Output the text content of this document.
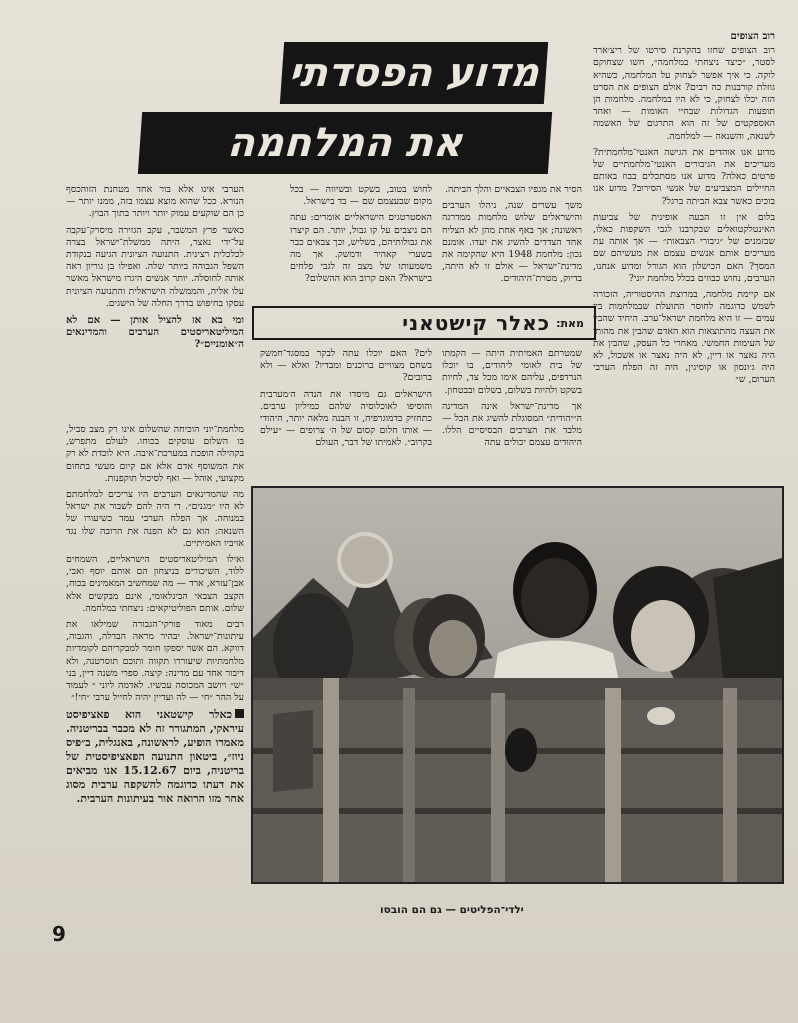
רוב הצופים

רוב הצופים שחזו בהקרנת סירטו של ריצ׳ארד לסטר, ״כיצד ניצחתי במלחמה״, חשו שצחוקם לוקה. כי איך אפשר לצחוק על המלחמה, כשהיא גוזלת קורבנות כה רבים? אולם הצופים את הסרט הזה יכלו לצחוק, כי לא היו במלחמה. מלחמות הן תופעות הגדולות שבחיי האומות — ואחד האספקטים של זה הוא התרגום של האשמה לשנאה, והשנאה — למלחמה.

מדוע אנו אוהדים את הגישה האנטי־מלחמתית? מעריכים את הגיבורים האנטי־מלחמתיים של פרטים כאלה? מדוע אנו מסתכלים בבוז באותם החיילים המצביעים של אנשי הסירוב? מדוע אנו בוכים כאשר צבא הביתה ברגל?

בלום אין זו הבעה אופינית של צביעות האינטלקטואלים שבקרבנו לגבי השקפות כאלו, שבזמנים של ״גיבורי הצבאות״ — אך אותה עת מעריכים אותם אנשים עצמם את מעשיהם שם המסך? האם הכישלון הוא הגורל ומדוע אנחנו, הערבים, נחוש כבוזים בכלל מלחמת יוני?

אם קיימת מלחמה, במרוצת ההיסטוריה, הזכורה לשמש כדוגמה לחוסר התועלת שבמלחמות בין עמים — זו היא מלחמת ישראל־ערב. היחיד שהבין את העצה מהתוצאות הוא האדם שהבין את מהותו של העימות החמשי. מאחרי כל העסק, שהבין את היה נאצר או דיין, לא היה נאצר או אשכול, לא היה ג׳ונסון או קוסיגין, היה זה הפלח הערבי הערום, ש״

מדוע הפסדתי
את המלחמה

הסיר את מגפיו הצבאיים והלך הביתה.

משך עשרים שנה, ניהלו הערבים והישראלים שלוש מלחמות ממדרגה ראשונה; אך באף אחת מהן לא הצליח אחד הצדדים להשיג את יעדו. אומנם נכון: מלחמת 1948 היא שהקימה את מדינת־ישראל — אולם זו לא היתה, בדיוק, מטרת־היהודים.

לחוש בטוב, בשקט ובשיווה — בכל מקום שבעצמם שם — בד בישראל.

האסטרטגים הישראליים אומרים: עתה הם ניצבים על קו גבול, יותר. הם קיצרו את גבולותיהם, בשליש, וכך צבאים כבר בשערי קאהיר ודמשק. אך מה משמעותו של מצב זה לגבי פלחים בישראל? האם קרוב הוא ההשלום?

מאת:
כאלר קישטאני

שמטרתם האמיתית היתה — הקמתו של בית לאומי ליהודים, בו יוכלו הנרדפים, עליהם אימו מכל צד, לחיות בשקט ולהיות בשלום, בשלום ובבטחון.

אך מדינת־ישראל אינה המדינה ה״יהודית״ המסוגלת להשיג את הכל — מלבד את הצרכים הבסיסיים הללו. היהודים עצמם יכולים עתה

לים? האם יוכלו עתה לבקר במסגד־חמשק בשחם מצוויים ברוכנים ומבדיו? ואלא — ולא ברובים?

הישראלים גם מיסדו את הנדה ה׳מערבית והוסיפו לאוכלוסיה שלהם כמיליון ערבים. כתחזיק כדמוגרפיה, זו הבנה מלאה יותר, היהודי — אותו חלום קסום של ה׳ צרופים — ״עילם בקרוב״. לאמיתו של דבר, העולם

הערבי אינו אלא בור אחד מטחנת הזוהכסף הנורא. ככל שהוא מוצא עצמו בזה, ממנו יותר — כן הם שוקעים עמוק יותר ויותר בתוך הבוץ.

כאשר פרץ המשבר, עקב הגזירה מיסרק־עקבה על־ידי נאצר, היתה ממשלת־ישראל בצרה לכלכלית רצינית. התנועה הציונית הגיעה בנקודת השפל הגבוהה ביותר שלה. ואפילו בן גוריון ראה אותה לחוסלה. יותר אנשים היגרו מישראל מאשר עלו אליה, והממשלה הישראלית והתנועה הציונית עסקו בחיפוש בדרך החלה של הישגים.

ומי בא אז להציל אותן — אם לא המיליטאריסטים הערבים והמדינאים ה״אומניים״?

מלחמת־יוני הוכיחה שהשלום אינו רק מצב סביל, בו השלום עוסקים בכוחו. לעולם מתפרש, בקהילה הופכת במערכת־איבה. היא לוכדת לא רק את המשוסף אדם אלא אם קיום מעשי בתחום מקצועי, אוהל — ואף לסיכול תוקפנות.

מה שהמדינאים הערבים היו צריכים למלחמתם לא היו ״מגנים״. די היה להם לשבור את ישראל במנוחה. אך הפלח הערבי עמד כשיעורו של השנאה: הוא גם לא הפנה את הרובה שלו נגד אויביו האמיתיים.

ואילו המיליטאריסטים הישראליים, השמחים ללוד, השיכורים בניצחון הם אותם יוסף ואבי, אבן־עזרא, ארד — מה שמחשיב המאמינים בכוח, הקצב הצבאי הבינלאומי, אינם מבקשים אלא שלום. אותם הפוליטיקאים: ניצחתי במלחמה.

רבים מאוד פורקי־הגבורה שמילאו את עיתונות־ישראל. יבהיר מראה הבדלה, והגבוה, דווקא. הם אשר יספקו חומר למבקריהם לקומדיות מלחמתיות שיעוררו תקווה ותוכם תוסרטנה, ולא דיבור אחד עם מדינה: קיצה. ספרי משנה דיין, בני ״ש״ ויושב המכוסה עכשיו. לאדמה ליוני ״ לעמוד על ההר ״חי — לה ועדיין יהיה לחייל ערבי ״חי!״

כאלר קישטאני הוא פאציפיסט עיראקי, המתגורר זה לא מכבר בבריטניה. מאמרו הופיע, לראשונה, באנגלית, ב״פיס ניוז״, ביטאון התנועה הפאציפיסטית של בריטניה, ביום 15.12.67 אנו מביאים את דעתו כדוגמה להשקפה ערבית מסוג אחר מזו הרואה אור בעיתונות הערבית.

ילדי־הפליטים — גם הם הובסו
9
